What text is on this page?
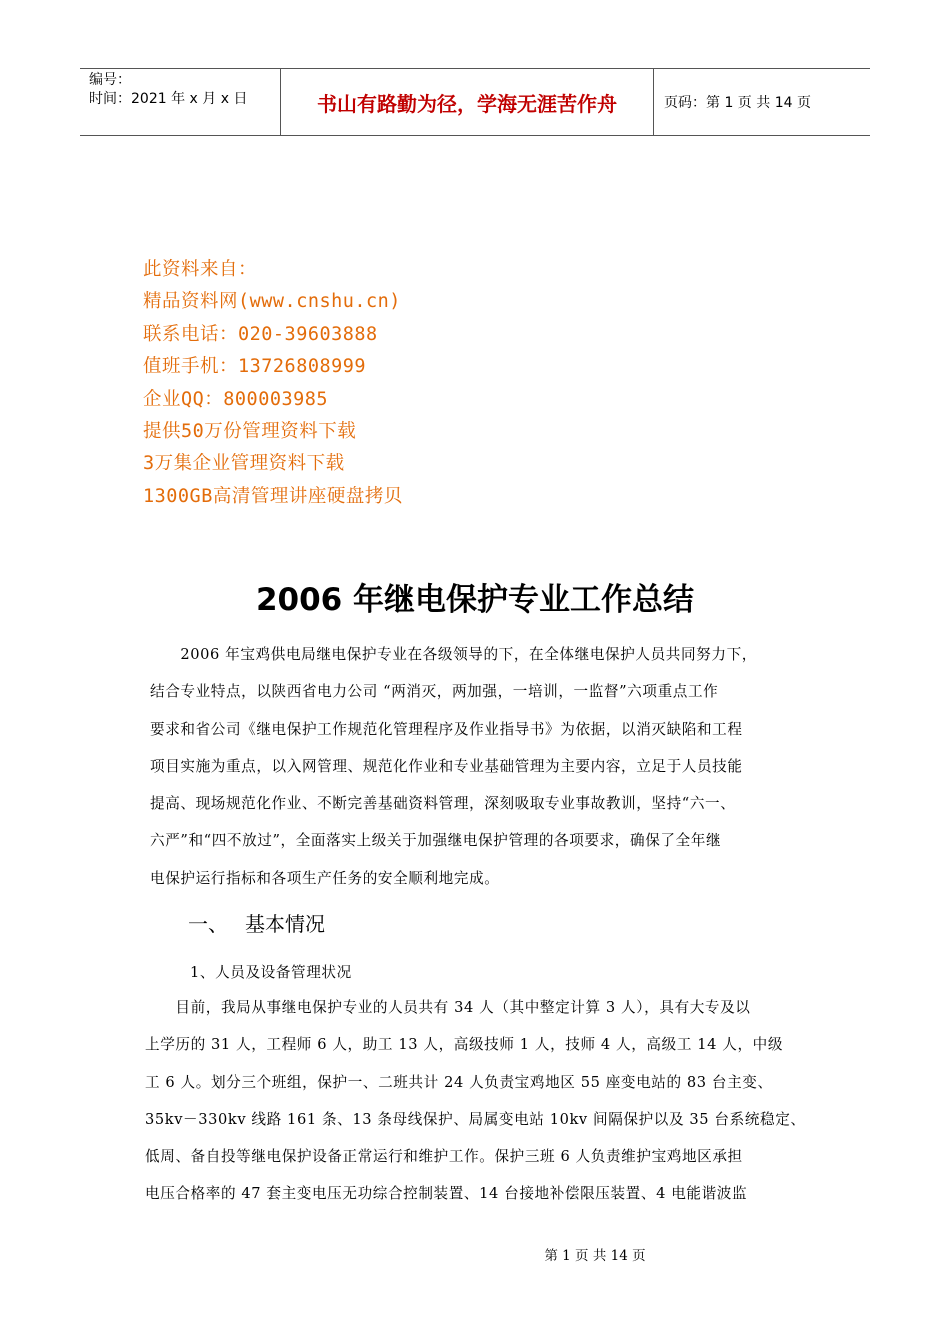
编号：
时间：2021 年 x 月 x 日	书山有路勤为径，学海无涯苦作舟	页码：第 1 页 共 14 页
此资料来自：
精品资料网(www.cnshu.cn)
联系电话：020-39603888
值班手机：13726808999
企业QQ：800003985
提供50万份管理资料下载
3万集企业管理资料下载
1300GB高清管理讲座硬盘拷贝
2006 年继电保护专业工作总结
　　2006 年宝鸡供电局继电保护专业在各级领导的下，在全体继电保护人员共同努力下，
结合专业特点，以陕西省电力公司 “两消灭，两加强，一培训，一监督”六项重点工作
要求和省公司《继电保护工作规范化管理程序及作业指导书》为依据，以消灭缺陷和工程
项目实施为重点，以入网管理、规范化作业和专业基础管理为主要内容，立足于人员技能
提高、现场规范化作业、不断完善基础资料管理，深刻吸取专业事故教训，坚持“六一、
六严”和“四不放过”，全面落实上级关于加强继电保护管理的各项要求，确保了全年继
电保护运行指标和各项生产任务的安全顺利地完成。
一、 基本情况
1、人员及设备管理状况
　　目前，我局从事继电保护专业的人员共有 34 人（其中整定计算 3 人），具有大专及以
上学历的 31 人，工程师 6 人，助工 13 人，高级技师 1 人，技师 4 人，高级工 14 人，中级
工 6 人。划分三个班组，保护一、二班共计 24 人负责宝鸡地区 55 座变电站的 83 台主变、
35kv－330kv 线路 161 条、13 条母线保护、局属变电站 10kv 间隔保护以及 35 台系统稳定、
低周、备自投等继电保护设备正常运行和维护工作。保护三班 6 人负责维护宝鸡地区承担
电压合格率的 47 套主变电压无功综合控制装置、14 台接地补偿限压装置、4 电能谐波监
第 1 页 共 14 页
